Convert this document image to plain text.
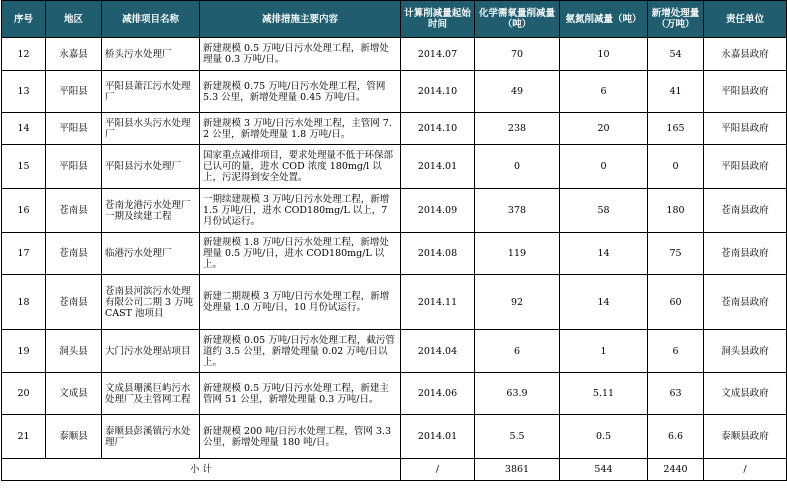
序号	地区	减排项目名称	减排措施主要内容	计算削减量起始时间	化学需氧量削减量（吨）	氨氮削减量（吨）	新增处理量（万吨）	责任单位
12	永嘉县	桥头污水处理厂	新建规模 0.5 万吨/日污水处理工程，新增处理量 0.3 万吨/日。	2014.07	70	10	54	永嘉县政府
13	平阳县	平阳县萧江污水处理厂	新建规模 0.75 万吨/日污水处理工程，管网 5.3 公里，新增处理量 0.45 万吨/日。	2014.10	49	6	41	平阳县政府
14	平阳县	平阳县水头污水处理厂	新建规模 3 万吨/日污水处理工程，主管网 7.2 公里，新增处理量 1.8 万吨/日。	2014.10	238	20	165	平阳县政府
15	平阳县	平阳县污水处理厂	国家重点减排项目，要求处理量不低于环保部已认可的量，进水 COD 浓度 180mg/l 以上，污泥得到安全处置。	2014.01	0	0	0	平阳县政府
16	苍南县	苍南龙港污水处理厂一期及续建工程	一期续建规模 3 万吨/日污水处理工程，新增 1.5 万吨/日，进水 COD180mg/L 以上，7 月份试运行。	2014.09	378	58	180	苍南县政府
17	苍南县	临港污水处理厂	新建规模 1.8 万吨/日污水处理工程，新增处理量 0.5 万吨/日，进水 COD180mg/L 以上。	2014.08	119	14	75	苍南县政府
18	苍南县	苍南县河滨污水处理有限公司二期 3 万吨 CAST 池项目	新建二期规模 3 万吨/日污水处理工程，新增处理量 1.0 万吨/日，10 月份试运行。	2014.11	92	14	60	苍南县政府
19	洞头县	大门污水处理站项目	新建规模 0.05 万吨/日污水处理工程，截污管道约 3.5 公里，新增处理量 0.02 万吨/日以上。	2014.04	6	1	6	洞头县政府
20	文成县	文成县珊溪巨屿污水处理厂及主管网工程	新建规模 0.5 万吨/日污水处理工程，新建主管网 51 公里，新增处理量 0.3 万吨/日。	2014.06	63.9	5.11	63	文成县政府
21	泰顺县	泰顺县彭溪镇污水处理厂	新建规模 200 吨/日污水处理工程，管网 3.3 公里，新增处理量 180 吨/日。	2014.01	5.5	0.5	6.6	泰顺县政府
小 计				/	3861	544	2440	/
